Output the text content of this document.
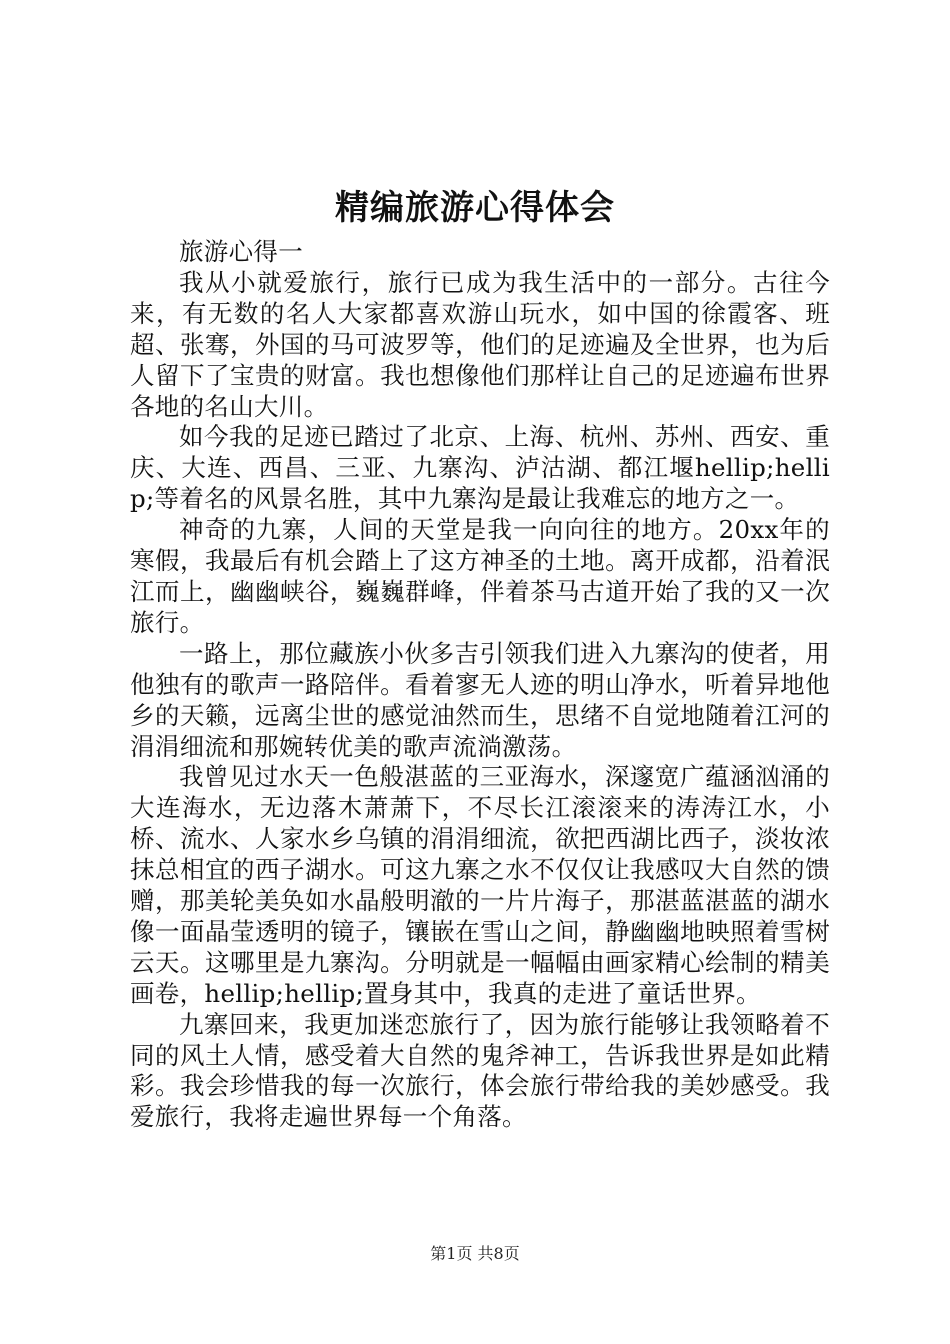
精编旅游心得体会

旅游心得一

我从小就爱旅行，旅行已成为我生活中的一部分。古往今来，有无数的名人大家都喜欢游山玩水，如中国的徐霞客、班超、张骞，外国的马可波罗等，他们的足迹遍及全世界，也为后人留下了宝贵的财富。我也想像他们那样让自己的足迹遍布世界各地的名山大川。

如今我的足迹已踏过了北京、上海、杭州、苏州、西安、重庆、大连、西昌、三亚、九寨沟、泸沽湖、都江堰hellip;hellip;等着名的风景名胜，其中九寨沟是最让我难忘的地方之一。

神奇的九寨，人间的天堂是我一向向往的地方。20xx年的寒假，我最后有机会踏上了这方神圣的土地。离开成都，沿着泯江而上，幽幽峡谷，巍巍群峰，伴着茶马古道开始了我的又一次旅行。

一路上，那位藏族小伙多吉引领我们进入九寨沟的使者，用他独有的歌声一路陪伴。看着寥无人迹的明山净水，听着异地他乡的天籁，远离尘世的感觉油然而生，思绪不自觉地随着江河的涓涓细流和那婉转优美的歌声流淌激荡。

我曾见过水天一色般湛蓝的三亚海水，深邃宽广蕴涵汹涌的大连海水，无边落木萧萧下，不尽长江滚滚来的涛涛江水，小桥、流水、人家水乡乌镇的涓涓细流，欲把西湖比西子，淡妆浓抹总相宜的西子湖水。可这九寨之水不仅仅让我感叹大自然的馈赠，那美轮美奂如水晶般明澈的一片片海子，那湛蓝湛蓝的湖水像一面晶莹透明的镜子，镶嵌在雪山之间，静幽幽地映照着雪树云天。这哪里是九寨沟。分明就是一幅幅由画家精心绘制的精美画卷，hellip;hellip;置身其中，我真的走进了童话世界。

九寨回来，我更加迷恋旅行了，因为旅行能够让我领略着不同的风土人情，感受着大自然的鬼斧神工，告诉我世界是如此精彩。我会珍惜我的每一次旅行，体会旅行带给我的美妙感受。我爱旅行，我将走遍世界每一个角落。

第1页 共8页
